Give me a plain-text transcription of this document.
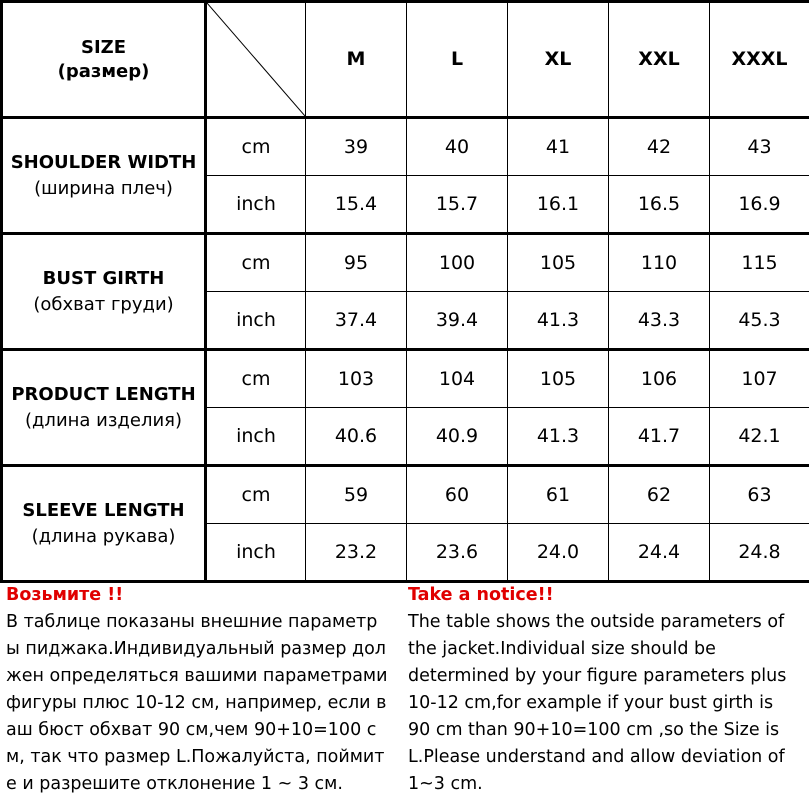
SIZE
(размер)		M	L	XL	XXL	XXXL

SHOULDER WIDTH
(ширина плеч)	cm	39	40	41	42	43
	inch	15.4	15.7	16.1	16.5	16.9

BUST GIRTH
(обхват груди)	cm	95	100	105	110	115
	inch	37.4	39.4	41.3	43.3	45.3

PRODUCT LENGTH
(длина изделия)	cm	103	104	105	106	107
	inch	40.6	40.9	41.3	41.7	42.1

SLEEVE LENGTH
(длина рукава)	cm	59	60	61	62	63
	inch	23.2	23.6	24.0	24.4	24.8
Возьмите !!
В таблице показаны внешние параметр
ы пиджака.Индивидуальный размер дол
жен определяться вашими параметрами
фигуры плюс 10-12 см, например, если в
аш бюст обхват 90 см,чем 90+10=100 с
м, так что размер L.Пожалуйста, поймит
е и разрешите отклонение 1 ~ 3 см.
Take a notice!!
The table shows the outside parameters of
the jacket.Individual size should be
determined by your figure parameters plus
10-12 cm,for example if your bust girth is
90 cm than 90+10=100 cm ,so the Size is
L.Please understand and allow deviation of
1~3 cm.
